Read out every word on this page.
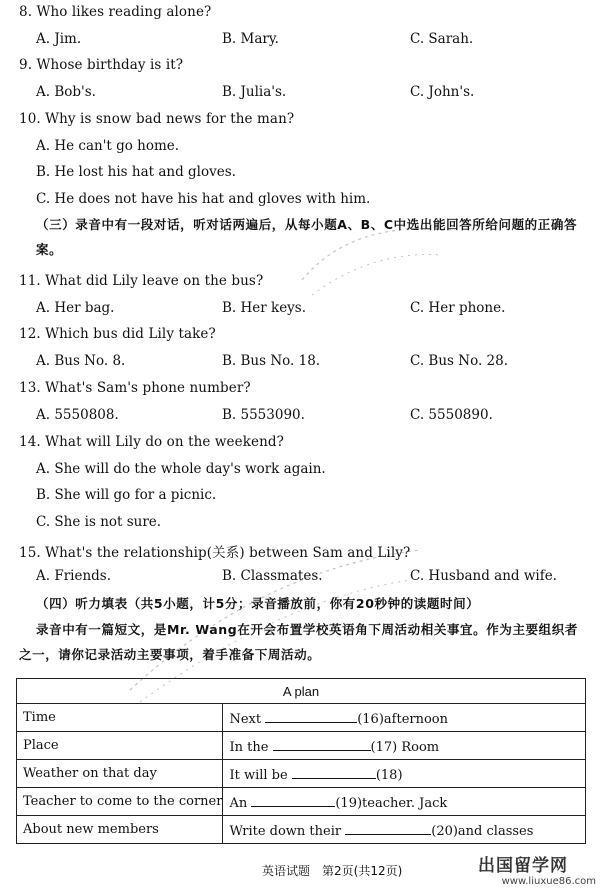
8. Who likes reading alone?
A. Jim.	B. Mary.	C. Sarah.
9. Whose birthday is it?
A. Bob's.	B. Julia's.	C. John's.
10. Why is snow bad news for the man?
A. He can't go home.
B. He lost his hat and gloves.
C. He does not have his hat and gloves with him.
（三）录音中有一段对话，听对话两遍后，从每小题A、B、C中选出能回答所给问题的正确答案。
11. What did Lily leave on the bus?
A. Her bag.	B. Her keys.	C. Her phone.
12. Which bus did Lily take?
A. Bus No. 8.	B. Bus No. 18.	C. Bus No. 28.
13. What's Sam's phone number?
A. 5550808.	B. 5553090.	C. 5550890.
14. What will Lily do on the weekend?
A. She will do the whole day's work again.
B. She will go for a picnic.
C. She is not sure.
15. What's the relationship(关系) between Sam and Lily?
A. Friends.	B. Classmates.	C. Husband and wife.
（四）听力填表（共5小题，计5分；录音播放前，你有20秒钟的读题时间）
录音中有一篇短文，是Mr. Wang在开会布置学校英语角下周活动相关事宜。作为主要组织者之一，请你记录活动主要事项，着手准备下周活动。
A plan	
Time	Next (16)afternoon
Place	In the (17) Room
Weather on that day	It will be (18)
Teacher to come to the corner	An (19)teacher. Jack
About new members	Write down their (20)and classes
英语试题　第2页(共12页)	出国留学网
www.liuxue86.com
